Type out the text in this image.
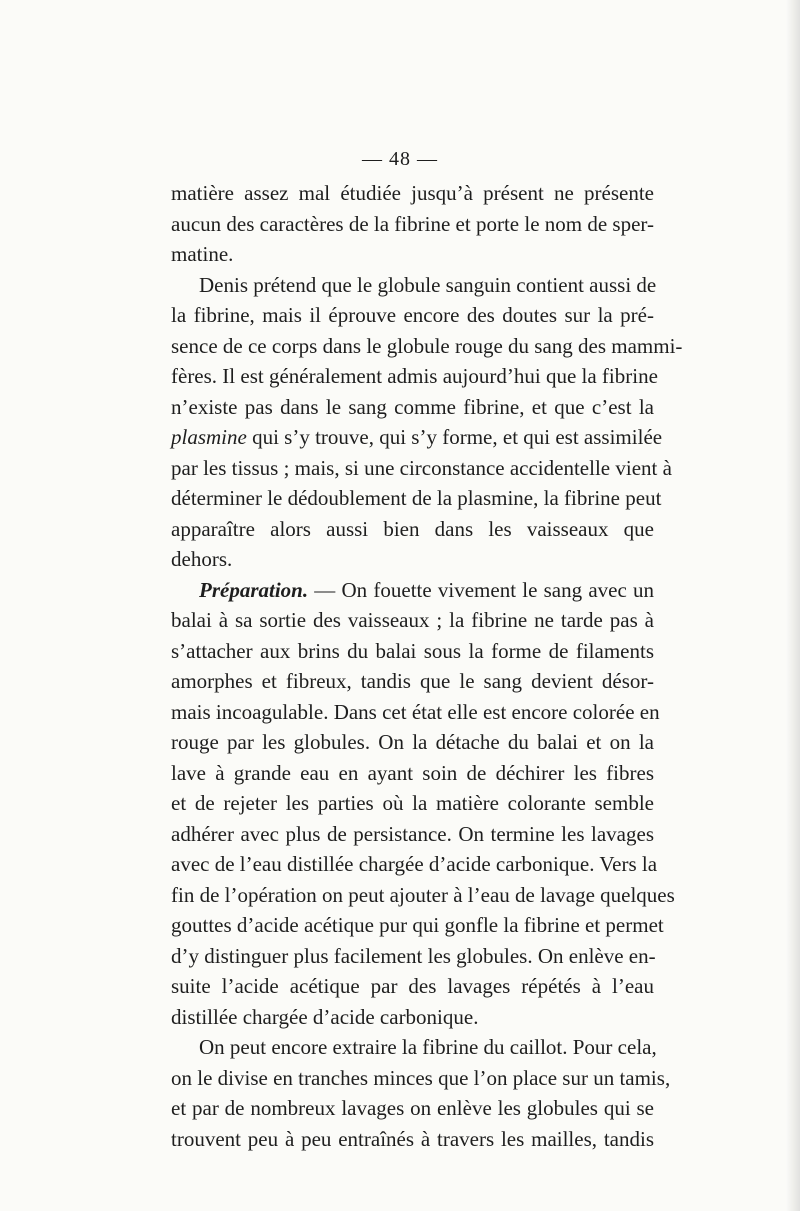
— 48 —
matière assez mal étudiée jusqu’à présent ne présente
aucun des caractères de la fibrine et porte le nom de sper-
matine.
Denis prétend que le globule sanguin contient aussi de
la fibrine, mais il éprouve encore des doutes sur la pré-
sence de ce corps dans le globule rouge du sang des mammi-
fères. Il est généralement admis aujourd’hui que la fibrine
n’existe pas dans le sang comme fibrine, et que c’est la
plasmine qui s’y trouve, qui s’y forme, et qui est assimilée
par les tissus ; mais, si une circonstance accidentelle vient à
déterminer le dédoublement de la plasmine, la fibrine peut
apparaître alors aussi bien dans les vaisseaux que
dehors.
Préparation. — On fouette vivement le sang avec un
balai à sa sortie des vaisseaux ; la fibrine ne tarde pas à
s’attacher aux brins du balai sous la forme de filaments
amorphes et fibreux, tandis que le sang devient désor-
mais incoagulable. Dans cet état elle est encore colorée en
rouge par les globules. On la détache du balai et on la
lave à grande eau en ayant soin de déchirer les fibres
et de rejeter les parties où la matière colorante semble
adhérer avec plus de persistance. On termine les lavages
avec de l’eau distillée chargée d’acide carbonique. Vers la
fin de l’opération on peut ajouter à l’eau de lavage quelques
gouttes d’acide acétique pur qui gonfle la fibrine et permet
d’y distinguer plus facilement les globules. On enlève en-
suite l’acide acétique par des lavages répétés à l’eau
distillée chargée d’acide carbonique.
On peut encore extraire la fibrine du caillot. Pour cela,
on le divise en tranches minces que l’on place sur un tamis,
et par de nombreux lavages on enlève les globules qui se
trouvent peu à peu entraînés à travers les mailles, tandis
